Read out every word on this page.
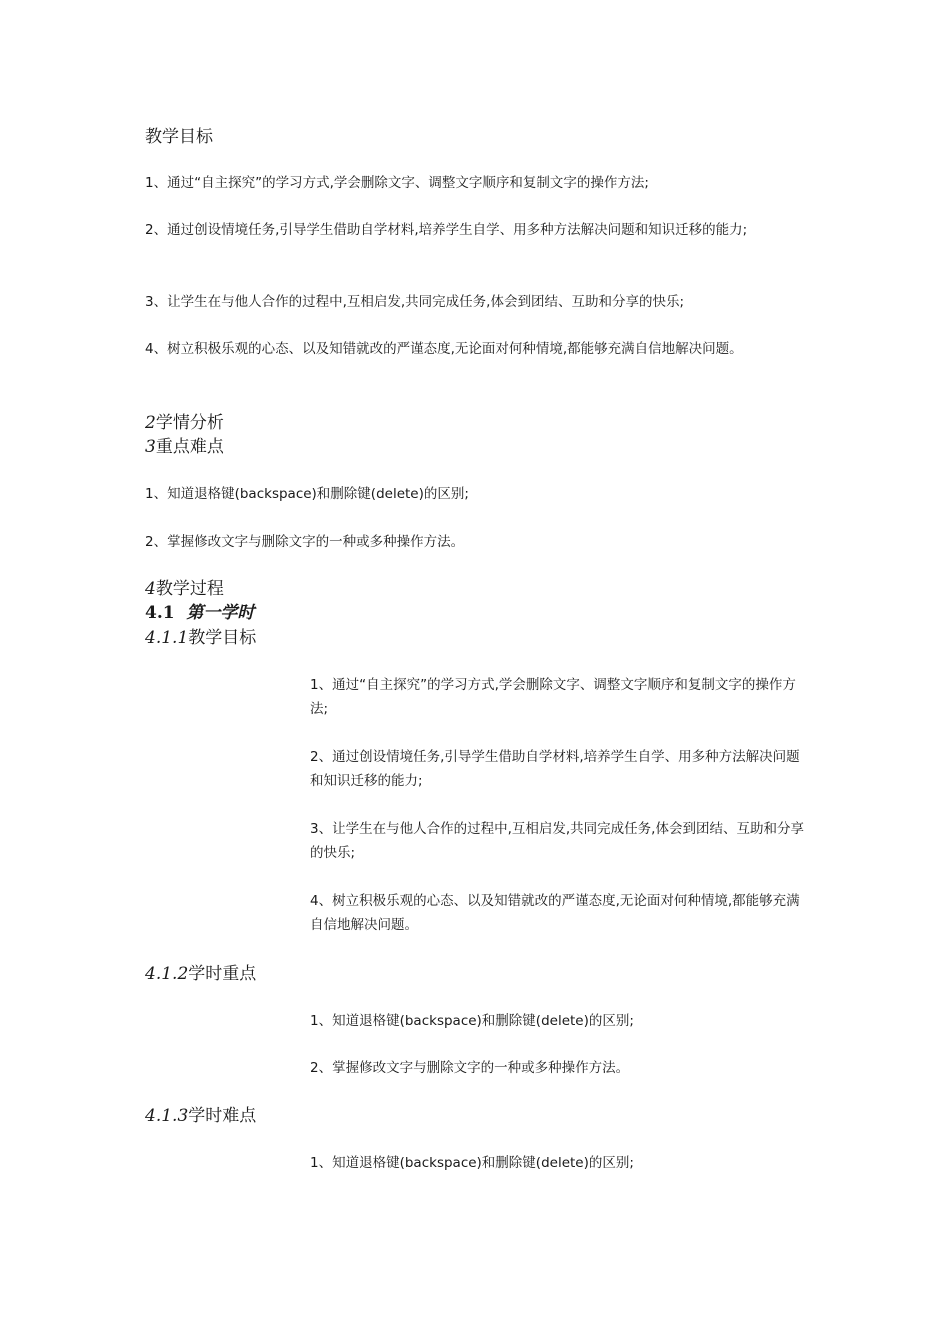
教学目标

1、通过“自主探究”的学习方式,学会删除文字、调整文字顺序和复制文字的操作方法;

2、通过创设情境任务,引导学生借助自学材料,培养学生自学、用多种方法解决问题和知识迁移的能力;

3、让学生在与他人合作的过程中,互相启发,共同完成任务,体会到团结、互助和分享的快乐;

4、树立积极乐观的心态、以及知错就改的严谨态度,无论面对何种情境,都能够充满自信地解决问题。

2学情分析
3重点难点

1、知道退格键(backspace)和删除键(delete)的区别;

2、掌握修改文字与删除文字的一种或多种操作方法。

4教学过程
4.1 第一学时
4.1.1教学目标

1、通过“自主探究”的学习方式,学会删除文字、调整文字顺序和复制文字的操作方法;

2、通过创设情境任务,引导学生借助自学材料,培养学生自学、用多种方法解决问题和知识迁移的能力;

3、让学生在与他人合作的过程中,互相启发,共同完成任务,体会到团结、互助和分享的快乐;

4、树立积极乐观的心态、以及知错就改的严谨态度,无论面对何种情境,都能够充满自信地解决问题。

4.1.2学时重点

1、知道退格键(backspace)和删除键(delete)的区别;

2、掌握修改文字与删除文字的一种或多种操作方法。

4.1.3学时难点

1、知道退格键(backspace)和删除键(delete)的区别;
